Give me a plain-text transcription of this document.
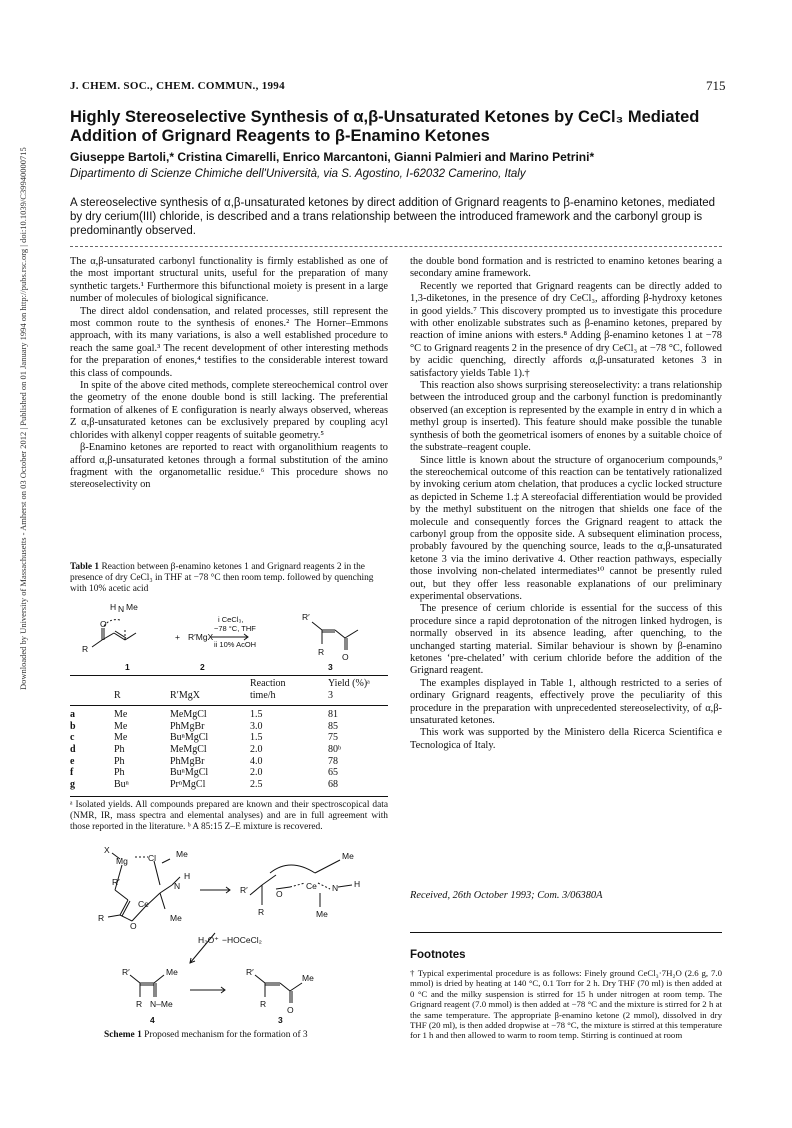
J. CHEM. SOC., CHEM. COMMUN., 1994	715
Downloaded by University of Massachusetts - Amherst on 03 October 2012 | Published on 01 January 1994 on http://pubs.rsc.org | doi:10.1039/C39940000715
Highly Stereoselective Synthesis of α,β-Unsaturated Ketones by CeCl₃ Mediated Addition of Grignard Reagents to β-Enamino Ketones
Giuseppe Bartoli,* Cristina Cimarelli, Enrico Marcantoni, Gianni Palmieri and Marino Petrini*
Dipartimento di Scienze Chimiche dell'Università, via S. Agostino, I-62032 Camerino, Italy
A stereoselective synthesis of α,β-unsaturated ketones by direct addition of Grignard reagents to β-enamino ketones, mediated by dry cerium(III) chloride, is described and a trans relationship between the introduced framework and the carbonyl group is predominantly observed.

The α,β-unsaturated carbonyl functionality is firmly established as one of the most important structural units, useful for the preparation of many synthetic targets.¹ Furthermore this bifunctional moiety is present in a large number of molecules of biological significance.

The direct aldol condensation, and related processes, still represent the most common route to the synthesis of enones.² The Horner–Emmons approach, with its many variations, is also a well established procedure to reach the same goal.³ The recent development of other interesting methods for the preparation of enones,⁴ testifies to the considerable interest toward this class of compounds.

In spite of the above cited methods, complete stereochemical control over the geometry of the enone double bond is still lacking. The preferential formation of alkenes of E configuration is nearly always observed, whereas Z α,β-unsaturated ketones can be exclusively prepared by coupling acyl chlorides with alkenyl copper reagents of suitable geometry.⁵

β-Enamino ketones are reported to react with organolithium reagents to afford α,β-unsaturated ketones through a formal substitution of the amino fragment with the organometallic residue.⁶ This procedure shows no stereoselectivity on

Table 1 Reaction between β-enamino ketones 1 and Grignard reagents 2 in the presence of dry CeCl₃ in THF at −78 °C then room temp. followed by quenching with 10% acetic acid
H N Me
R
O
+ R′MgX
i CeCl₃,
−78 °C, THF
ii 10% AcOH
R′
R O
1	2	3
			Reaction	Yield (%)ᵃ
	R	R′MgX	time/h	3

a	Me	MeMgCl	1.5	81
b	Me	PhMgBr	3.0	85
c	Me	BuⁿMgCl	1.5	75
d	Ph	MeMgCl	2.0	80ᵇ
e	Ph	PhMgBr	4.0	78
f	Ph	BuⁿMgCl	2.0	65
g	Buⁿ	PrⁿMgCl	2.5	68
ᵃ Isolated yields. All compounds prepared are known and their spectroscopical data (NMR, IR, mass spectra and elemental analyses) and are in full agreement with those reported in the literature. ᵇ A 85:15 Z–E mixture is recovered.
X
Mg Cl Me
N
H
Ce
R′
R
O
Me
R′
R
O
Ce N H
Me
Me
H₃O⁺ −HOCeCl₂
R′	Me
R N–Me
R′
Me
R
O
4	3
Scheme 1 Proposed mechanism for the formation of 3

the double bond formation and is restricted to enamino ketones bearing a secondary amine framework.

Recently we reported that Grignard reagents can be directly added to 1,3-diketones, in the presence of dry CeCl₃, affording β-hydroxy ketones in good yields.⁷ This discovery prompted us to investigate this procedure with other enolizable substrates such as β-enamino ketones, prepared by reaction of imine anions with esters.⁸ Adding β-enamino ketones 1 at −78 °C to Grignard reagents 2 in the presence of dry CeCl₃ at −78 °C, followed by acidic quenching, directly affords α,β-unsaturated ketones 3 in satisfactory yields Table 1).†

This reaction also shows surprising stereoselectivity: a trans relationship between the introduced group and the carbonyl function is predominantly observed (an exception is represented by the example in entry d in which a methyl group is inserted). This feature should make possible the tunable synthesis of both the geometrical isomers of enones by a suitable choice of the substrate–reagent couple.

Since little is known about the structure of organocerium compounds,⁹ the stereochemical outcome of this reaction can be tentatively rationalized by invoking cerium atom chelation, that produces a cyclic locked structure as depicted in Scheme 1.‡ A stereofacial differentiation would be provided by the methyl substituent on the nitrogen that shields one face of the molecule and consequently forces the Grignard reagent to attack the carbonyl group from the opposite side. A subsequent elimination process, probably favoured by the quenching source, leads to the α,β-unsaturated ketone 3 via the imino derivative 4. Other reaction pathways, especially those involving non-chelated intermediates¹⁰ cannot be presently ruled out, but they offer less reasonable explanations of our preliminary experimental observations.

The presence of cerium chloride is essential for the success of this procedure since a rapid deprotonation of the nitrogen linked hydrogen, is normally observed in its absence leading, after quenching, to the unchanged starting material. Similar behaviour is shown by β-enamino ketones ‘pre-chelated’ with cerium chloride before the addition of the Grignard reagent.

The examples displayed in Table 1, although restricted to a series of ordinary Grignard reagents, effectively prove the peculiarity of this procedure in the preparation with unprecedented stereoselectivity, of α,β-unsaturated ketones.

This work was supported by the Ministero della Ricerca Scientifica e Tecnologica of Italy.

Received, 26th October 1993; Com. 3/06380A
Footnotes
† Typical experimental procedure is as follows: Finely ground CeCl₃·7H₂O (2.6 g, 7.0 mmol) is dried by heating at 140 °C, 0.1 Torr for 2 h. Dry THF (70 ml) is then added at 0 °C and the milky suspension is stirred for 15 h under nitrogen at room temp. The Grignard reagent (7.0 mmol) is then added at −78 °C and the mixture is stirred for 2 h at the same temperature. The appropriate β-enamino ketone (2 mmol), dissolved in dry THF (20 ml), is then added dropwise at −78 °C, the mixture is stirred at this temperature for 1 h and then allowed to warm to room temp. Stirring is continued at room
